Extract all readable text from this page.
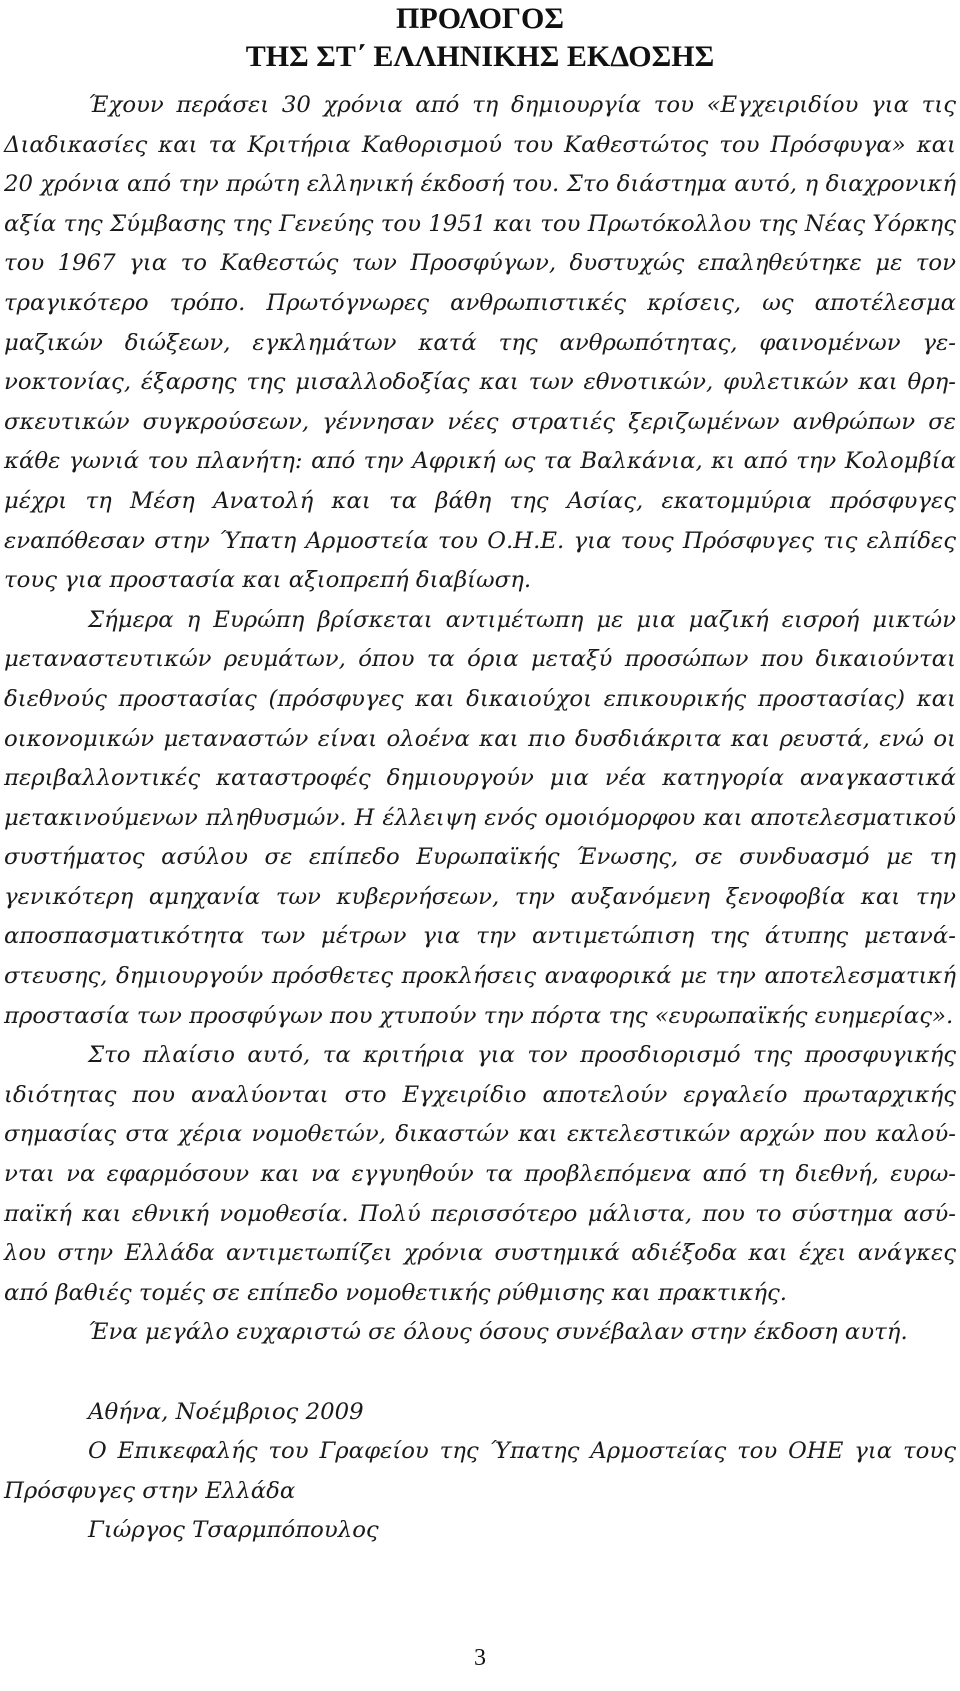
ΠΡΟΛΟΓΟΣ
ΤΗΣ ΣΤ΄ ΕΛΛΗΝΙΚΗΣ ΕΚΔΟΣΗΣ

Έχουν περάσει 30 χρόνια από τη δημιουργία του «Εγχειριδίου για τις Διαδικασίες και τα Κριτήρια Καθορισμού του Καθεστώτος του Πρόσφυγα» και 20 χρόνια από την πρώτη ελληνική έκδοσή του. Στο διάστημα αυτό, η διαχρονική αξία της Σύμβασης της Γενεύης του 1951 και του Πρωτόκολλου της Νέας Υόρκης του 1967 για το Καθεστώς των Προσφύγων, δυστυχώς επαληθεύτηκε με τον τραγικότερο τρόπο. Πρωτόγνωρες ανθρωπιστικές κρίσεις, ως αποτέλεσμα μαζικών διώξεων, εγκλημάτων κατά της ανθρωπότητας, φαινομένων γενοκτονίας, έξαρσης της μισαλλοδοξίας και των εθνοτικών, φυλετικών και θρησκευτικών συγκρούσεων, γέννησαν νέες στρατιές ξεριζωμένων ανθρώπων σε κάθε γωνιά του πλανήτη: από την Αφρική ως τα Βαλκάνια, κι από την Κολομβία μέχρι τη Μέση Ανατολή και τα βάθη της Ασίας, εκατομμύρια πρόσφυγες εναπόθεσαν στην Ύπατη Αρμοστεία του Ο.Η.Ε. για τους Πρόσφυγες τις ελπίδες τους για προστασία και αξιοπρεπή διαβίωση.

Σήμερα η Ευρώπη βρίσκεται αντιμέτωπη με μια μαζική εισροή μικτών μεταναστευτικών ρευμάτων, όπου τα όρια μεταξύ προσώπων που δικαιούνται διεθνούς προστασίας (πρόσφυγες και δικαιούχοι επικουρικής προστασίας) και οικονομικών μεταναστών είναι ολοένα και πιο δυσδιάκριτα και ρευστά, ενώ οι περιβαλλοντικές καταστροφές δημιουργούν μια νέα κατηγορία αναγκαστικά μετακινούμενων πληθυσμών. Η έλλειψη ενός ομοιόμορφου και αποτελεσματικού συστήματος ασύλου σε επίπεδο Ευρωπαϊκής Ένωσης, σε συνδυασμό με τη γενικότερη αμηχανία των κυβερνήσεων, την αυξανόμενη ξενοφοβία και την αποσπασματικότητα των μέτρων για την αντιμετώπιση της άτυπης μετανάστευσης, δημιουργούν πρόσθετες προκλήσεις αναφορικά με την αποτελεσματική προστασία των προσφύγων που χτυπούν την πόρτα της «ευρωπαϊκής ευημερίας».

Στο πλαίσιο αυτό, τα κριτήρια για τον προσδιορισμό της προσφυγικής ιδιότητας που αναλύονται στο Εγχειρίδιο αποτελούν εργαλείο πρωταρχικής σημασίας στα χέρια νομοθετών, δικαστών και εκτελεστικών αρχών που καλούνται να εφαρμόσουν και να εγγυηθούν τα προβλεπόμενα από τη διεθνή, ευρωπαϊκή και εθνική νομοθεσία. Πολύ περισσότερο μάλιστα, που το σύστημα ασύλου στην Ελλάδα αντιμετωπίζει χρόνια συστημικά αδιέξοδα και έχει ανάγκες από βαθιές τομές σε επίπεδο νομοθετικής ρύθμισης και πρακτικής.

Ένα μεγάλο ευχαριστώ σε όλους όσους συνέβαλαν στην έκδοση αυτή.

Αθήνα, Νοέμβριος 2009

Ο Επικεφαλής του Γραφείου της Ύπατης Αρμοστείας του ΟΗΕ για τους Πρόσφυγες στην Ελλάδα

Γιώργος Τσαρμπόπουλος

3
